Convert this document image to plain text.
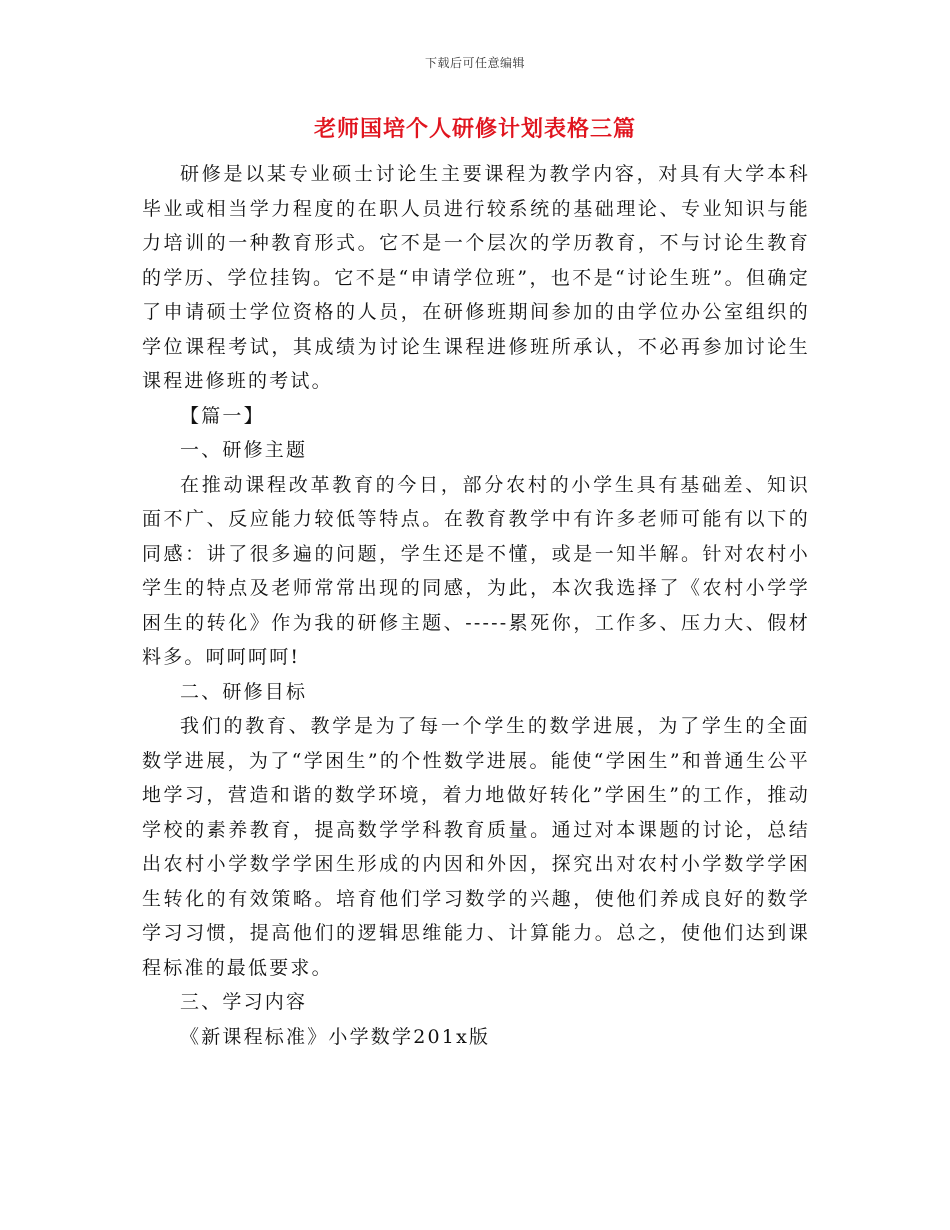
下载后可任意编辑
老师国培个人研修计划表格三篇

研修是以某专业硕士讨论生主要课程为教学内容，对具有大学本科毕业或相当学力程度的在职人员进行较系统的基础理论、专业知识与能力培训的一种教育形式。它不是一个层次的学历教育，不与讨论生教育的学历、学位挂钩。它不是“申请学位班”，也不是“讨论生班”。但确定了申请硕士学位资格的人员，在研修班期间参加的由学位办公室组织的学位课程考试，其成绩为讨论生课程进修班所承认，不必再参加讨论生课程进修班的考试。

【篇一】

一、研修主题

在推动课程改革教育的今日，部分农村的小学生具有基础差、知识面不广、反应能力较低等特点。在教育教学中有许多老师可能有以下的同感：讲了很多遍的问题，学生还是不懂，或是一知半解。针对农村小学生的特点及老师常常出现的同感，为此，本次我选择了《农村小学学困生的转化》作为我的研修主题、-----累死你，工作多、压力大、假材料多。呵呵呵呵!

二、研修目标

我们的教育、教学是为了每一个学生的数学进展，为了学生的全面数学进展，为了“学困生”的个性数学进展。能使“学困生”和普通生公平地学习，营造和谐的数学环境，着力地做好转化”学困生”的工作，推动学校的素养教育，提高数学学科教育质量。通过对本课题的讨论，总结出农村小学数学学困生形成的内因和外因，探究出对农村小学数学学困生转化的有效策略。培育他们学习数学的兴趣，使他们养成良好的数学学习习惯，提高他们的逻辑思维能力、计算能力。总之，使他们达到课程标准的最低要求。

三、学习内容

《新课程标准》小学数学201x版
